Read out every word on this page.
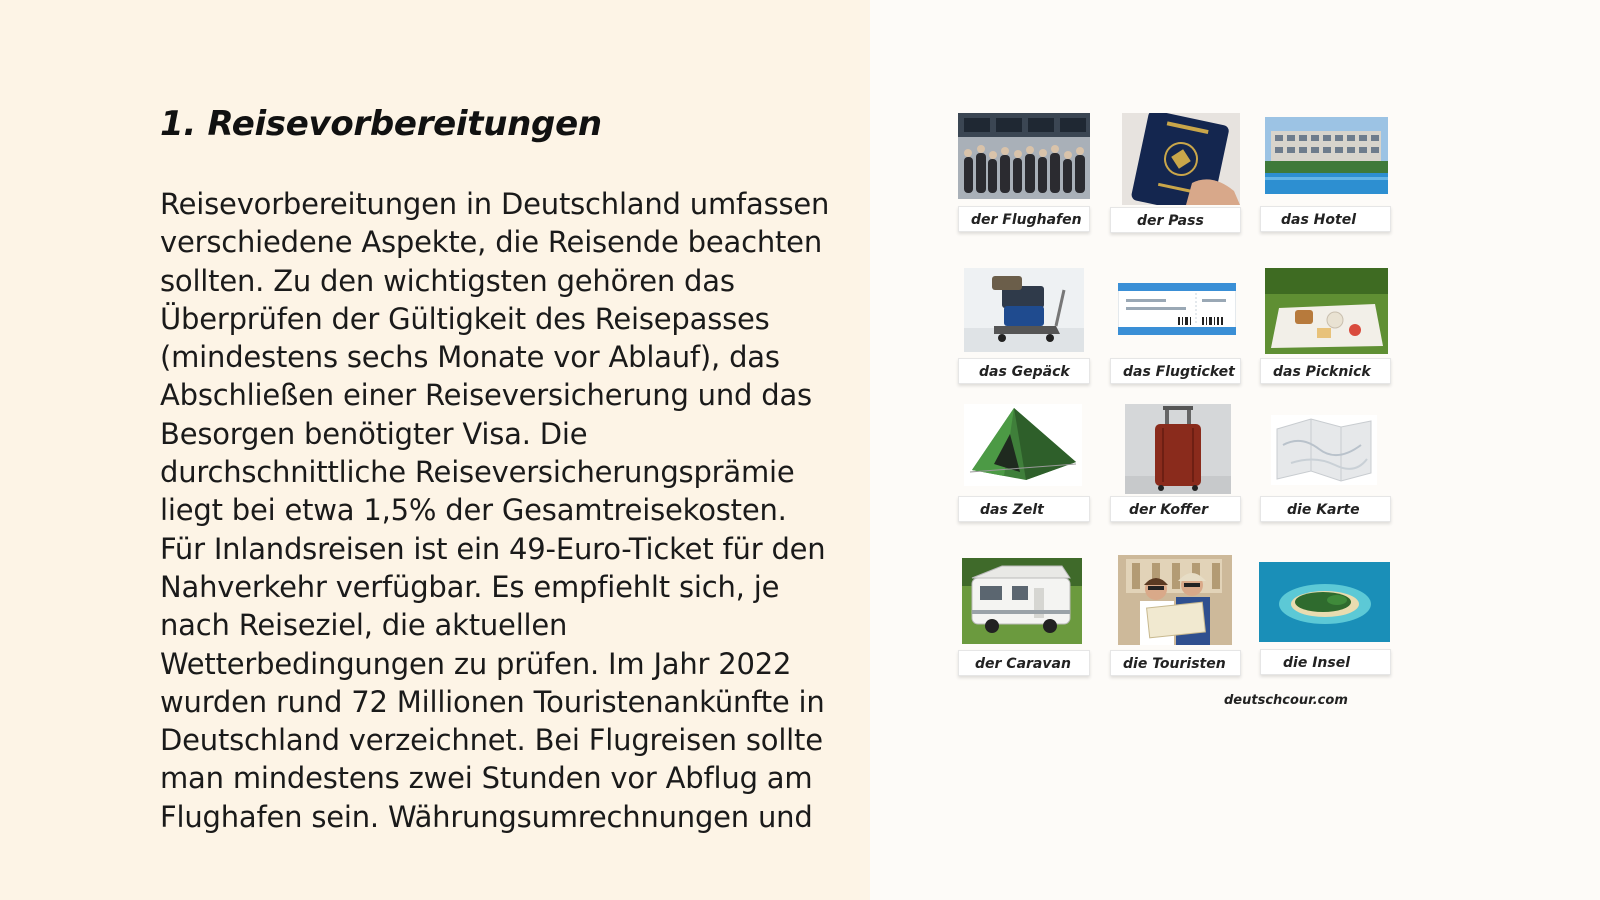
1. Reisevorbereitungen

Reisevorbereitungen in Deutschland umfassen verschiedene Aspekte, die Reisende beachten sollten. Zu den wichtigsten gehören das Überprüfen der Gültigkeit des Reisepasses (mindestens sechs Monate vor Ablauf), das Abschließen einer Reiseversicherung und das Besorgen benötigter Visa. Die durchschnittliche Reiseversicherungsprämie liegt bei etwa 1,5% der Gesamtreisekosten. Für Inlandsreisen ist ein 49-Euro-Ticket für den Nahverkehr verfügbar. Es empfiehlt sich, je nach Reiseziel, die aktuellen Wetterbedingungen zu prüfen. Im Jahr 2022 wurden rund 72 Millionen Touristenankünfte in Deutschland verzeichnet. Bei Flugreisen sollte man mindestens zwei Stunden vor Abflug am Flughafen sein. Währungsumrechnungen und

der Flughafen	der Pass	das Hotel
das Gepäck	das Flugticket	das Picknick
das Zelt	der Koffer	die Karte
der Caravan	die Touristen	die Insel
deutschcour.com
